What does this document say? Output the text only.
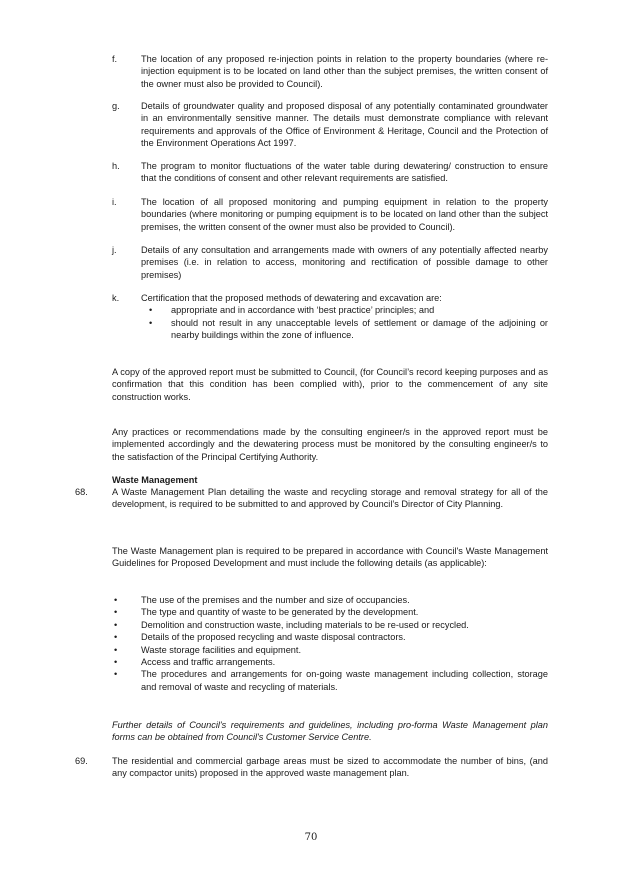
f.	The location of any proposed re-injection points in relation to the property boundaries (where re-injection equipment is to be located on land other than the subject premises, the written consent of the owner must also be provided to Council).
g. Details of groundwater quality and proposed disposal of any potentially contaminated groundwater in an environmentally sensitive manner. The details must demonstrate compliance with relevant requirements and approvals of the Office of Environment & Heritage, Council and the Protection of the Environment Operations Act 1997.
h. The program to monitor fluctuations of the water table during dewatering/ construction to ensure that the conditions of consent and other relevant requirements are satisfied.
i.	The location of all proposed monitoring and pumping equipment in relation to the property boundaries (where monitoring or pumping equipment is to be located on land other than the subject premises, the written consent of the owner must also be provided to Council).
j.	Details of any consultation and arrangements made with owners of any potentially affected nearby premises (i.e. in relation to access, monitoring and rectification of possible damage to other premises)
k. Certification that the proposed methods of dewatering and excavation are:
• appropriate and in accordance with ‘best practice’ principles; and
• should not result in any unacceptable levels of settlement or damage of the adjoining or nearby buildings within the zone of influence.
A copy of the approved report must be submitted to Council, (for Council’s record keeping purposes and as confirmation that this condition has been complied with), prior to the commencement of any site construction works.
Any practices or recommendations made by the consulting engineer/s in the approved report must be implemented accordingly and the dewatering process must be monitored by the consulting engineer/s to the satisfaction of the Principal Certifying Authority.
Waste Management
68.	A Waste Management Plan detailing the waste and recycling storage and removal strategy for all of the development, is required to be submitted to and approved by Council’s Director of City Planning.
The Waste Management plan is required to be prepared in accordance with Council's Waste Management Guidelines for Proposed Development and must include the following details (as applicable):
•	The use of the premises and the number and size of occupancies.
•	The type and quantity of waste to be generated by the development.
•	Demolition and construction waste, including materials to be re-used or recycled.
•	Details of the proposed recycling and waste disposal contractors.
•	Waste storage facilities and equipment.
•	Access and traffic arrangements.
•	The procedures and arrangements for on-going waste management including collection, storage and removal of waste and recycling of materials.
Further details of Council's requirements and guidelines, including pro-forma Waste Management plan forms can be obtained from Council's Customer Service Centre.
69.	The residential and commercial garbage areas must be sized to accommodate the number of bins, (and any compactor units) proposed in the approved waste management plan.
70
